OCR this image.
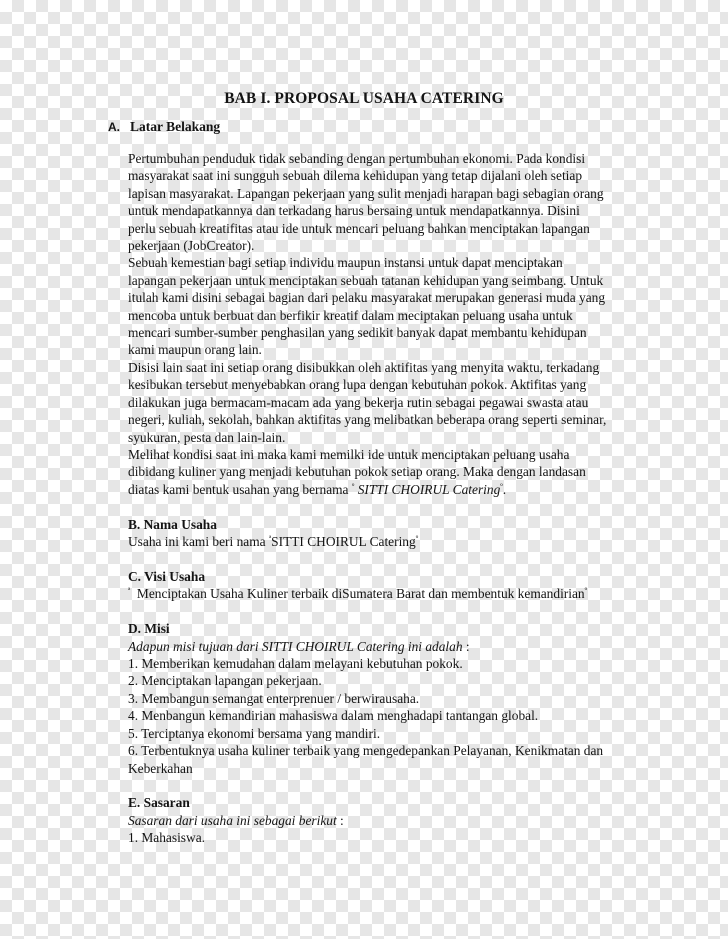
BAB I. PROPOSAL USAHA CATERING
A. Latar Belakang

Pertumbuhan penduduk tidak sebanding dengan pertumbuhan ekonomi. Pada kondisi

masyarakat saat ini sungguh sebuah dilema kehidupan yang tetap dijalani oleh setiap

lapisan masyarakat. Lapangan pekerjaan yang sulit menjadi harapan bagi sebagian orang

untuk mendapatkannya dan terkadang harus bersaing untuk mendapatkannya. Disini

perlu sebuah kreatifitas atau ide untuk mencari peluang bahkan menciptakan lapangan

pekerjaan (JobCreator).

Sebuah kemestian bagi setiap individu maupun instansi untuk dapat menciptakan

lapangan pekerjaan untuk menciptakan sebuah tatanan kehidupan yang seimbang. Untuk

itulah kami disini sebagai bagian dari pelaku masyarakat merupakan generasi muda yang

mencoba untuk berbuat dan berfikir kreatif dalam meciptakan peluang usaha untuk

mencari sumber-sumber penghasilan yang sedikit banyak dapat membantu kehidupan

kami maupun orang lain.

Disisi lain saat ini setiap orang disibukkan oleh aktifitas yang menyita waktu, terkadang

kesibukan tersebut menyebabkan orang lupa dengan kebutuhan pokok. Aktifitas yang

dilakukan juga bermacam-macam ada yang bekerja rutin sebagai pegawai swasta atau

negeri, kuliah, sekolah, bahkan aktifitas yang melibatkan beberapa orang seperti seminar,

syukuran, pesta dan lain-lain.

Melihat kondisi saat ini maka kami memilki ide untuk menciptakan peluang usaha

dibidang kuliner yang menjadi kebutuhan pokok setiap orang. Maka dengan landasan

diatas kami bentuk usahan yang bernama $^º$ SITTI CHOIRUL Catering$^º$.

B. Nama Usaha

Usaha ini kami beri nama $^ª$SITTI CHOIRUL Catering$^º$

C. Visi Usaha

$^ª$  Menciptakan Usaha Kuliner terbaik diSumatera Barat dan membentuk kemandirian$^º$

D. Misi

Adapun misi tujuan dari SITTI CHOIRUL Catering ini adalah :

1. Memberikan kemudahan dalam melayani kebutuhan pokok.

2. Menciptakan lapangan pekerjaan.

3. Membangun semangat enterprenuer / berwirausaha.

4. Menbangun kemandirian mahasiswa dalam menghadapi tantangan global.

5. Terciptanya ekonomi bersama yang mandiri.

6. Terbentuknya usaha kuliner terbaik yang mengedepankan Pelayanan, Kenikmatan dan

Keberkahan

E. Sasaran

Sasaran dari usaha ini sebagai berikut :

1. Mahasiswa.
